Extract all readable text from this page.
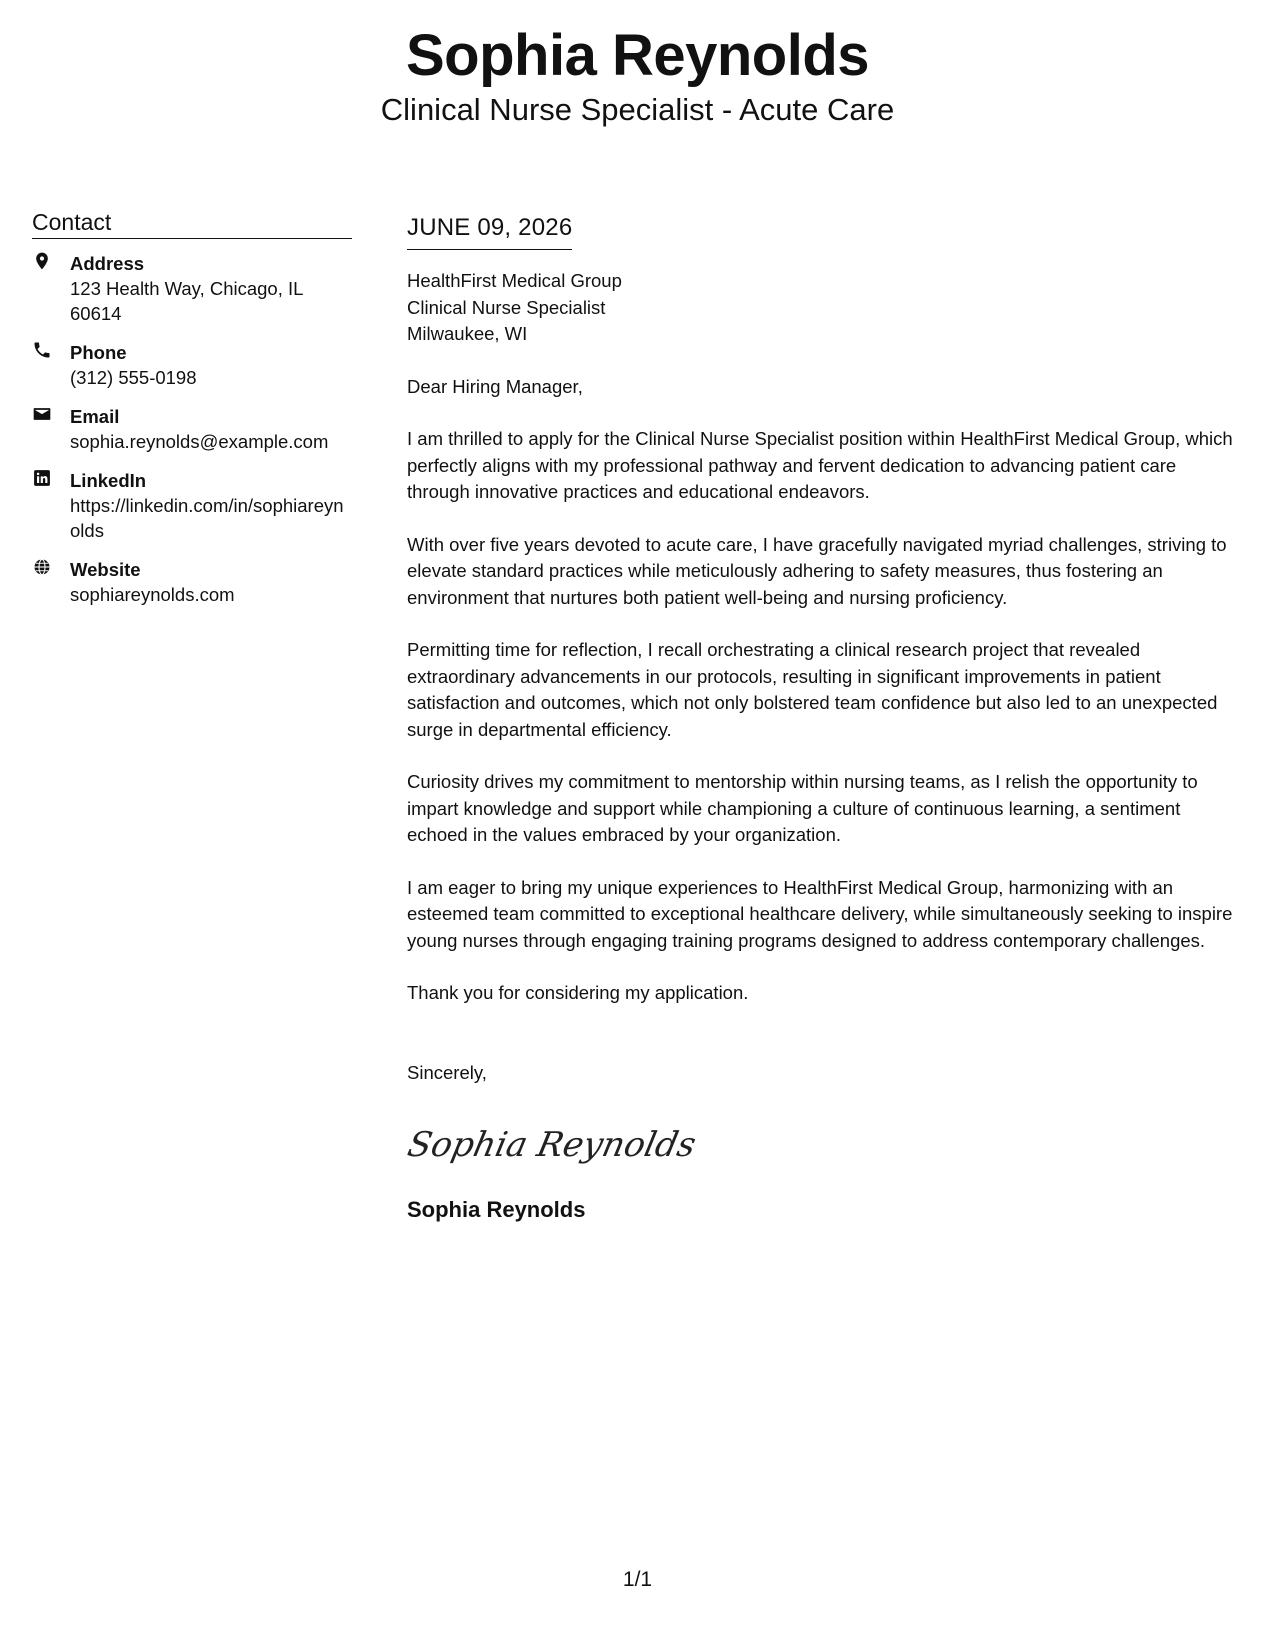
Sophia Reynolds
Clinical Nurse Specialist - Acute Care
Contact
Address
123 Health Way, Chicago, IL 60614
Phone
(312) 555-0198
Email
sophia.reynolds@example.com
LinkedIn
https://linkedin.com/in/sophiareynolds
Website
sophiareynolds.com
JUNE 09, 2026
HealthFirst Medical Group
Clinical Nurse Specialist
Milwaukee, WI
Dear Hiring Manager,
I am thrilled to apply for the Clinical Nurse Specialist position within HealthFirst Medical Group, which perfectly aligns with my professional pathway and fervent dedication to advancing patient care through innovative practices and educational endeavors.
With over five years devoted to acute care, I have gracefully navigated myriad challenges, striving to elevate standard practices while meticulously adhering to safety measures, thus fostering an environment that nurtures both patient well-being and nursing proficiency.
Permitting time for reflection, I recall orchestrating a clinical research project that revealed extraordinary advancements in our protocols, resulting in significant improvements in patient satisfaction and outcomes, which not only bolstered team confidence but also led to an unexpected surge in departmental efficiency.
Curiosity drives my commitment to mentorship within nursing teams, as I relish the opportunity to impart knowledge and support while championing a culture of continuous learning, a sentiment echoed in the values embraced by your organization.
I am eager to bring my unique experiences to HealthFirst Medical Group, harmonizing with an esteemed team committed to exceptional healthcare delivery, while simultaneously seeking to inspire young nurses through engaging training programs designed to address contemporary challenges.
Thank you for considering my application.
Sincerely,
Sophia Reynolds
Sophia Reynolds
1/1
